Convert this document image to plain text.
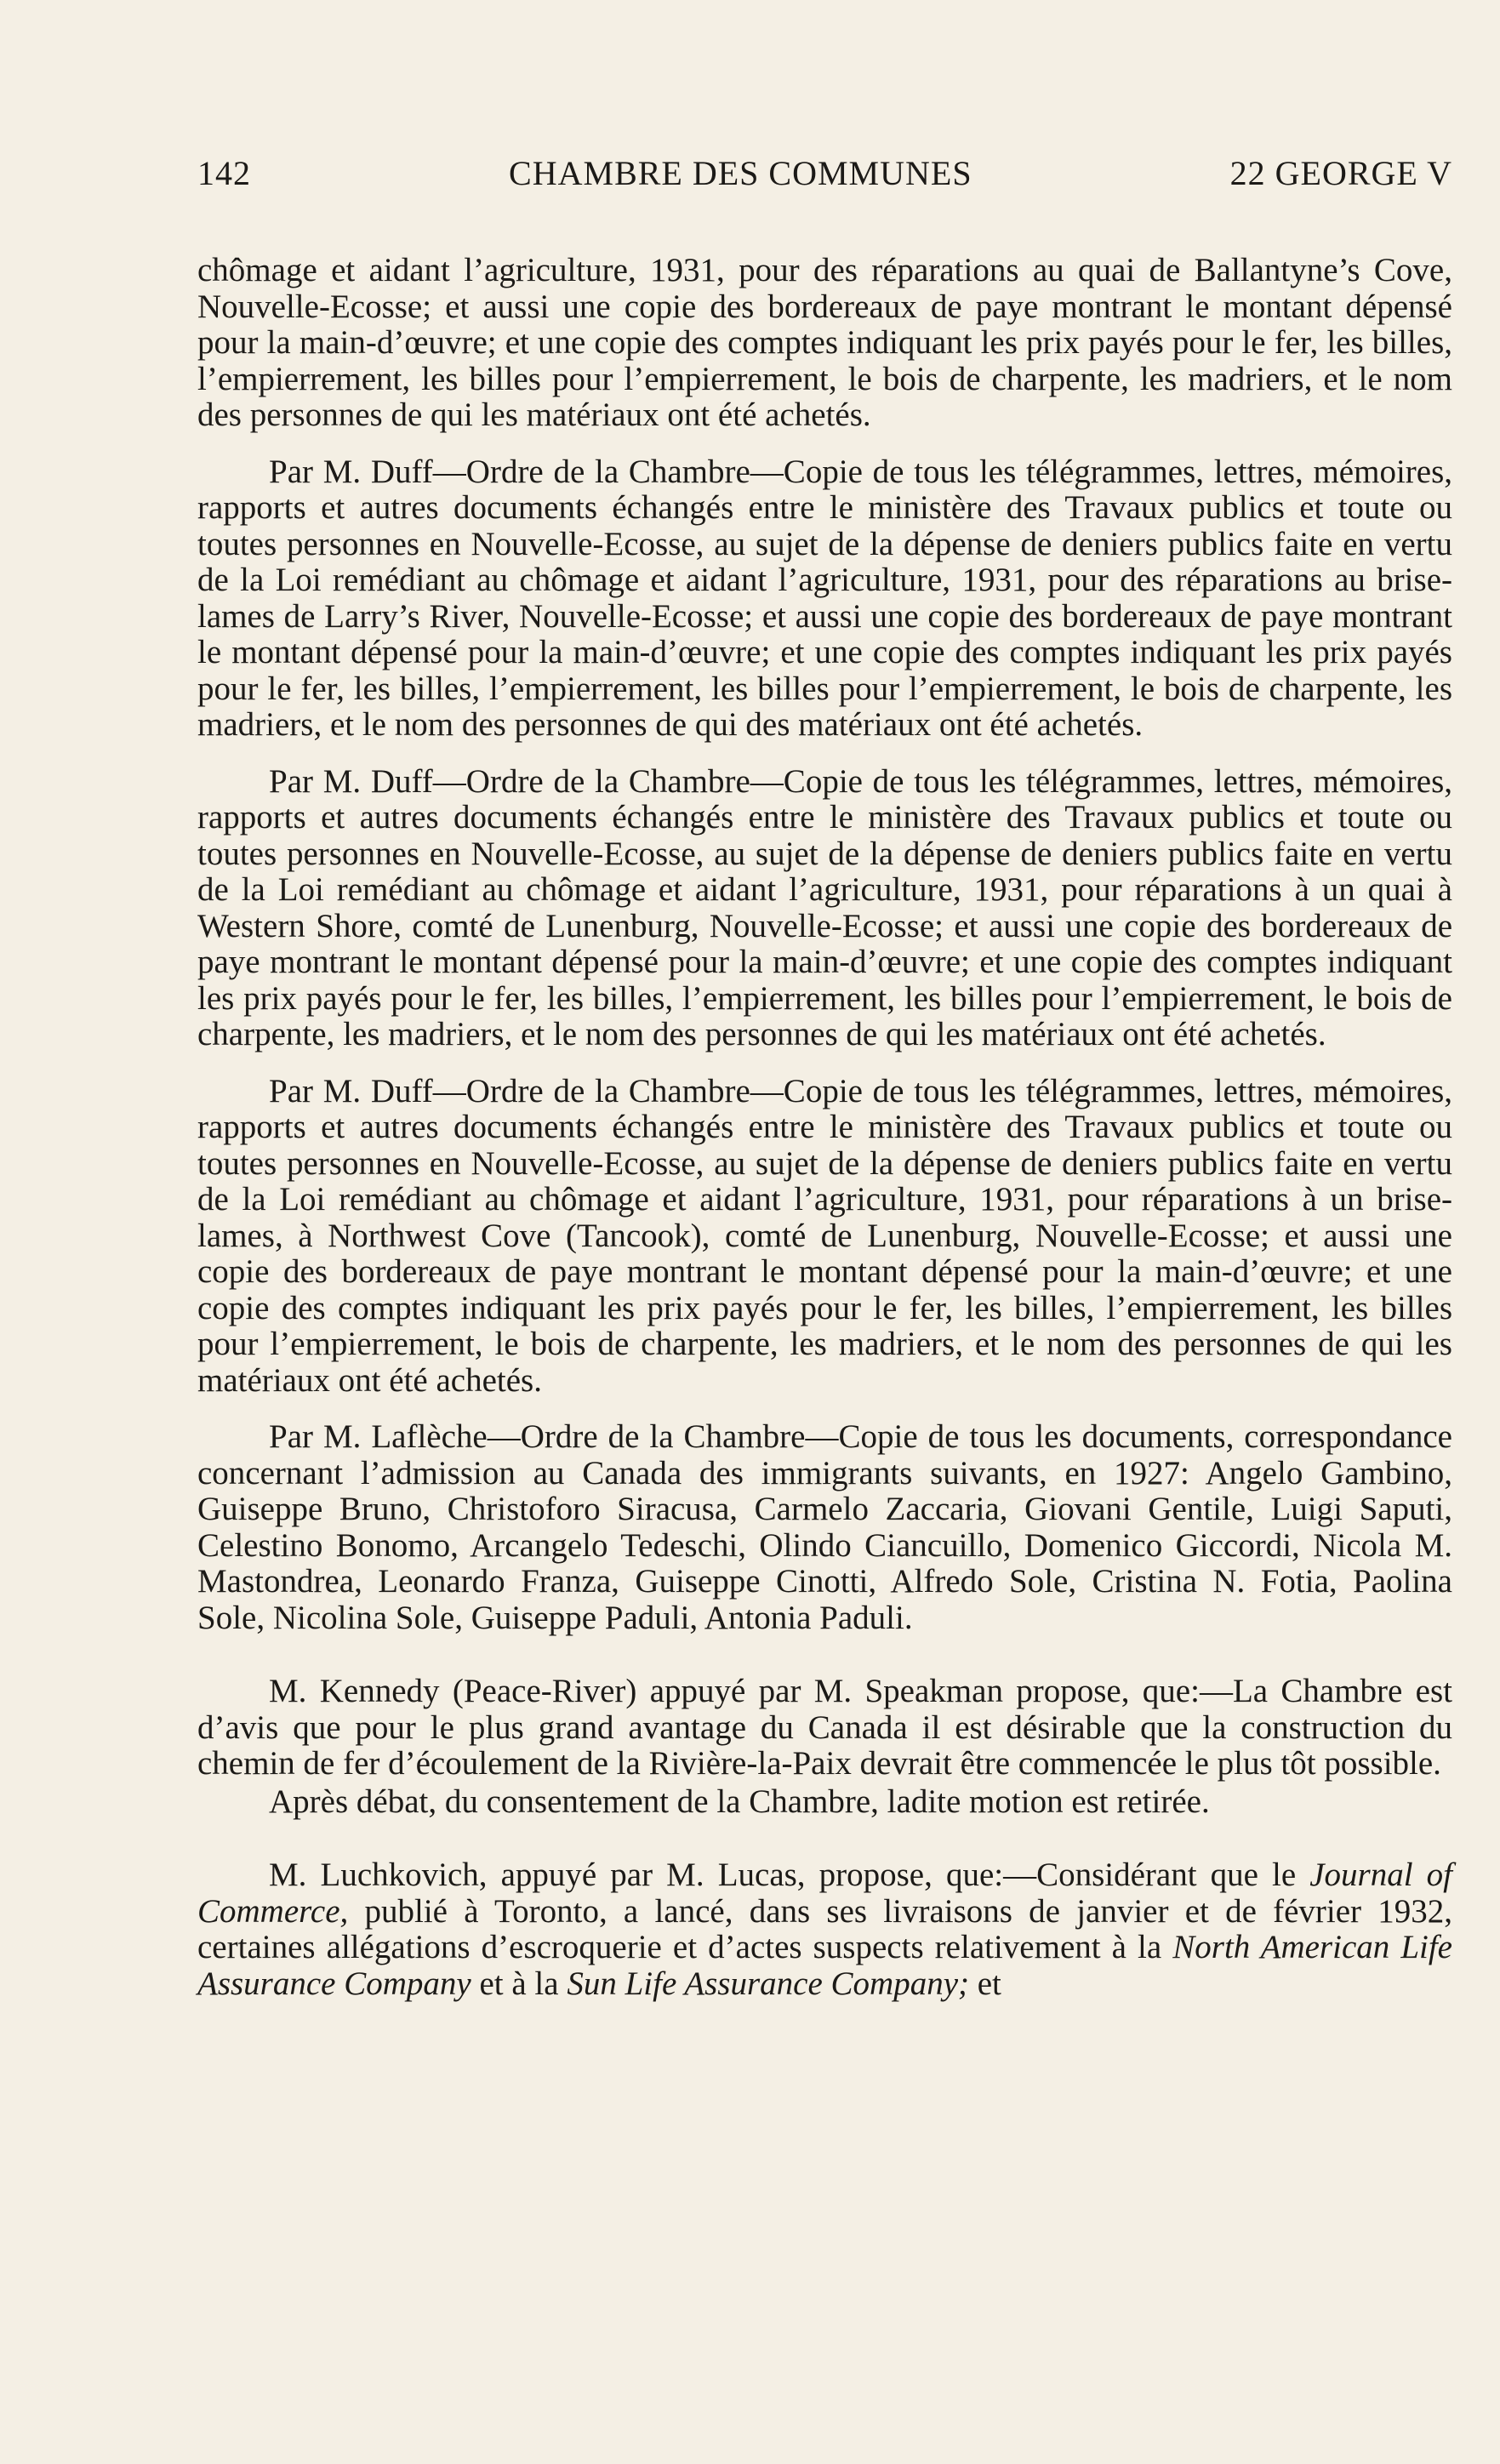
142	CHAMBRE DES COMMUNES	22 GEORGE V

chômage et aidant l’agriculture, 1931, pour des réparations au quai de Ballantyne’s Cove, Nouvelle-Ecosse; et aussi une copie des bordereaux de paye montrant le montant dépensé pour la main-d’œuvre; et une copie des comptes indiquant les prix payés pour le fer, les billes, l’empierrement, les billes pour l’empierrement, le bois de charpente, les madriers, et le nom des personnes de qui les matériaux ont été achetés.

Par M. Duff—Ordre de la Chambre—Copie de tous les télégrammes, lettres, mémoires, rapports et autres documents échangés entre le ministère des Travaux publics et toute ou toutes personnes en Nouvelle-Ecosse, au sujet de la dépense de deniers publics faite en vertu de la Loi remédiant au chômage et aidant l’agriculture, 1931, pour des réparations au brise-lames de Larry’s River, Nouvelle-Ecosse; et aussi une copie des bordereaux de paye montrant le montant dépensé pour la main-d’œuvre; et une copie des comptes indiquant les prix payés pour le fer, les billes, l’empierrement, les billes pour l’empierrement, le bois de charpente, les madriers, et le nom des personnes de qui des matériaux ont été achetés.

Par M. Duff—Ordre de la Chambre—Copie de tous les télégrammes, lettres, mémoires, rapports et autres documents échangés entre le ministère des Travaux publics et toute ou toutes personnes en Nouvelle-Ecosse, au sujet de la dépense de deniers publics faite en vertu de la Loi remédiant au chômage et aidant l’agriculture, 1931, pour réparations à un quai à Western Shore, comté de Lunenburg, Nouvelle-Ecosse; et aussi une copie des bordereaux de paye montrant le montant dépensé pour la main-d’œuvre; et une copie des comptes indiquant les prix payés pour le fer, les billes, l’empierrement, les billes pour l’empierrement, le bois de charpente, les madriers, et le nom des personnes de qui les matériaux ont été achetés.

Par M. Duff—Ordre de la Chambre—Copie de tous les télégrammes, lettres, mémoires, rapports et autres documents échangés entre le ministère des Travaux publics et toute ou toutes personnes en Nouvelle-Ecosse, au sujet de la dépense de deniers publics faite en vertu de la Loi remédiant au chômage et aidant l’agriculture, 1931, pour réparations à un brise-lames, à Northwest Cove (Tancook), comté de Lunenburg, Nouvelle-Ecosse; et aussi une copie des bordereaux de paye montrant le montant dépensé pour la main-d’œuvre; et une copie des comptes indiquant les prix payés pour le fer, les billes, l’empierrement, les billes pour l’empierrement, le bois de charpente, les madriers, et le nom des personnes de qui les matériaux ont été achetés.

Par M. Laflèche—Ordre de la Chambre—Copie de tous les documents, correspondance concernant l’admission au Canada des immigrants suivants, en 1927: Angelo Gambino, Guiseppe Bruno, Christoforo Siracusa, Carmelo Zaccaria, Giovani Gentile, Luigi Saputi, Celestino Bonomo, Arcangelo Tedeschi, Olindo Ciancuillo, Domenico Giccordi, Nicola M. Mastondrea, Leonardo Franza, Guiseppe Cinotti, Alfredo Sole, Cristina N. Fotia, Paolina Sole, Nicolina Sole, Guiseppe Paduli, Antonia Paduli.

M. Kennedy (Peace-River) appuyé par M. Speakman propose, que:—La Chambre est d’avis que pour le plus grand avantage du Canada il est désirable que la construction du chemin de fer d’écoulement de la Rivière-la-Paix devrait être commencée le plus tôt possible.

Après débat, du consentement de la Chambre, ladite motion est retirée.

M. Luchkovich, appuyé par M. Lucas, propose, que:—Considérant que le Journal of Commerce, publié à Toronto, a lancé, dans ses livraisons de janvier et de février 1932, certaines allégations d’escroquerie et d’actes suspects relativement à la North American Life Assurance Company et à la Sun Life Assurance Company; et
